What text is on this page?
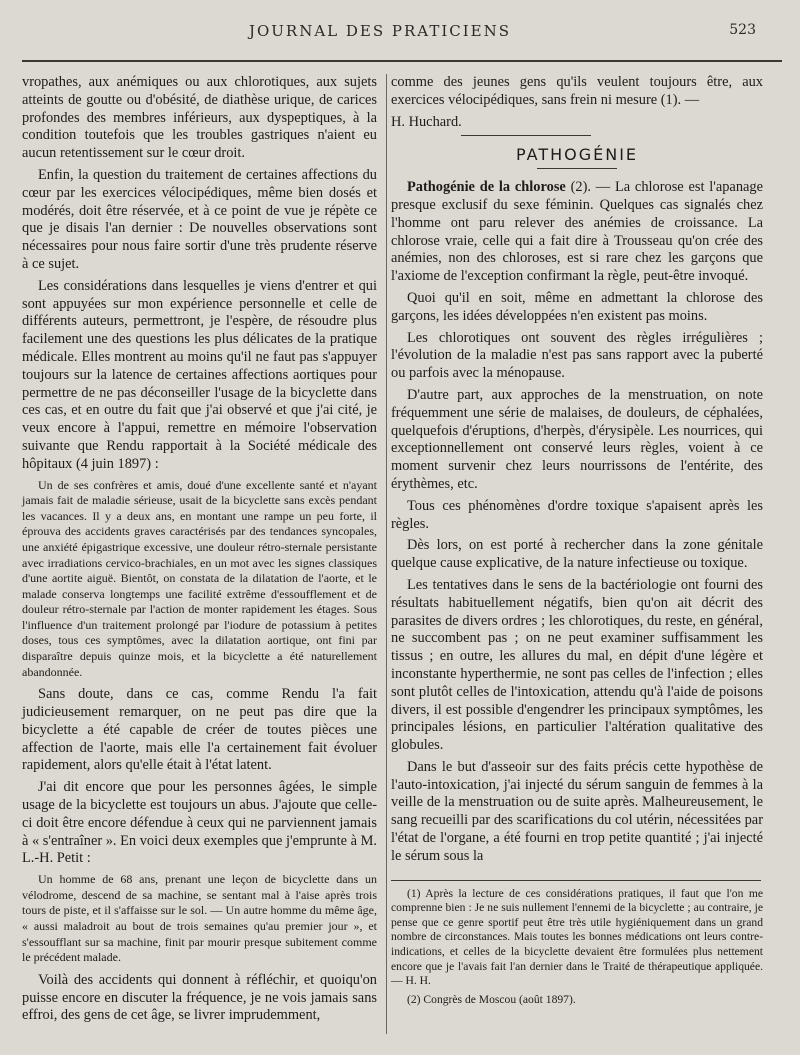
JOURNAL DES PRATICIENS	523

vropathes, aux anémiques ou aux chlorotiques, aux sujets atteints de goutte ou d'obésité, de diathèse urique, de carices profondes des membres inférieurs, aux dyspeptiques, à la condition toutefois que les troubles gastriques n'aient eu aucun retentissement sur le cœur droit.

Enfin, la question du traitement de certaines affections du cœur par les exercices vélocipédiques, même bien dosés et modérés, doit être réservée, et à ce point de vue je répète ce que je disais l'an dernier : De nouvelles observations sont nécessaires pour nous faire sortir d'une très prudente réserve à ce sujet.

Les considérations dans lesquelles je viens d'entrer et qui sont appuyées sur mon expérience personnelle et celle de différents auteurs, permettront, je l'espère, de résoudre plus facilement une des questions les plus délicates de la pratique médicale. Elles montrent au moins qu'il ne faut pas s'appuyer toujours sur la latence de certaines affections aortiques pour permettre de ne pas déconseiller l'usage de la bicyclette dans ces cas, et en outre du fait que j'ai observé et que j'ai cité, je veux encore à l'appui, remettre en mémoire l'observation suivante que Rendu rapportait à la Société médicale des hôpitaux (4 juin 1897) :

Un de ses confrères et amis, doué d'une excellente santé et n'ayant jamais fait de maladie sérieuse, usait de la bicyclette sans excès pendant les vacances. Il y a deux ans, en montant une rampe un peu forte, il éprouva des accidents graves caractérisés par des tendances syncopales, une anxiété épigastrique excessive, une douleur rétro-sternale persistante avec irradiations cervico-brachiales, en un mot avec les signes classiques d'une aortite aiguë. Bientôt, on constata de la dilatation de l'aorte, et le malade conserva longtemps une facilité extrême d'essoufflement et de douleur rétro-sternale par l'action de monter rapidement les étages. Sous l'influence d'un traitement prolongé par l'iodure de potassium à petites doses, tous ces symptômes, avec la dilatation aortique, ont fini par disparaître depuis quinze mois, et la bicyclette a été naturellement abandonnée.

Sans doute, dans ce cas, comme Rendu l'a fait judicieusement remarquer, on ne peut pas dire que la bicyclette a été capable de créer de toutes pièces une affection de l'aorte, mais elle l'a certainement fait évoluer rapidement, alors qu'elle était à l'état latent.

J'ai dit encore que pour les personnes âgées, le simple usage de la bicyclette est toujours un abus. J'ajoute que celle-ci doit être encore défendue à ceux qui ne parviennent jamais à « s'entraîner ». En voici deux exemples que j'emprunte à M. L.-H. Petit :

Un homme de 68 ans, prenant une leçon de bicyclette dans un vélodrome, descend de sa machine, se sentant mal à l'aise après trois tours de piste, et il s'affaisse sur le sol. — Un autre homme du même âge, « aussi maladroit au bout de trois semaines qu'au premier jour », et s'essoufflant sur sa machine, finit par mourir presque subitement comme le précédent malade.

Voilà des accidents qui donnent à réfléchir, et quoiqu'on puisse encore en discuter la fréquence, je ne vois jamais sans effroi, des gens de cet âge, se livrer imprudemment,

comme des jeunes gens qu'ils veulent toujours être, aux exercices vélocipédiques, sans frein ni mesure (1). —

H. Huchard.

PATHOGÉNIE

Pathogénie de la chlorose (2). — La chlorose est l'apanage presque exclusif du sexe féminin. Quelques cas signalés chez l'homme ont paru relever des anémies de croissance. La chlorose vraie, celle qui a fait dire à Trousseau qu'on crée des anémies, non des chloroses, est si rare chez les garçons que l'axiome de l'exception confirmant la règle, peut-être invoqué.

Quoi qu'il en soit, même en admettant la chlorose des garçons, les idées développées n'en existent pas moins.

Les chlorotiques ont souvent des règles irrégulières ; l'évolution de la maladie n'est pas sans rapport avec la puberté ou parfois avec la ménopause.

D'autre part, aux approches de la menstruation, on note fréquemment une série de malaises, de douleurs, de céphalées, quelquefois d'éruptions, d'herpès, d'érysipèle. Les nourrices, qui exceptionnellement ont conservé leurs règles, voient à ce moment survenir chez leurs nourrissons de l'entérite, des érythèmes, etc.

Tous ces phénomènes d'ordre toxique s'apaisent après les règles.

Dès lors, on est porté à rechercher dans la zone génitale quelque cause explicative, de la nature infectieuse ou toxique.

Les tentatives dans le sens de la bactériologie ont fourni des résultats habituellement négatifs, bien qu'on ait décrit des parasites de divers ordres ; les chlorotiques, du reste, en général, ne succombent pas ; on ne peut examiner suffisamment les tissus ; en outre, les allures du mal, en dépit d'une légère et inconstante hyperthermie, ne sont pas celles de l'infection ; elles sont plutôt celles de l'intoxication, attendu qu'à l'aide de poisons divers, il est possible d'engendrer les principaux symptômes, les principales lésions, en particulier l'altération qualitative des globules.

Dans le but d'asseoir sur des faits précis cette hypothèse de l'auto-intoxication, j'ai injecté du sérum sanguin de femmes à la veille de la menstruation ou de suite après. Malheureusement, le sang recueilli par des scarifications du col utérin, nécessitées par l'état de l'organe, a été fourni en trop petite quantité ; j'ai injecté le sérum sous la

(1) Après la lecture de ces considérations pratiques, il faut que l'on me comprenne bien : Je ne suis nullement l'ennemi de la bicyclette ; au contraire, je pense que ce genre sportif peut être très utile hygiéniquement dans un grand nombre de circonstances. Mais toutes les bonnes médications ont leurs contre-indications, et celles de la bicyclette devaient être formulées plus nettement encore que je l'avais fait l'an dernier dans le Traité de thérapeutique appliquée. — H. H.

(2) Congrès de Moscou (août 1897).
